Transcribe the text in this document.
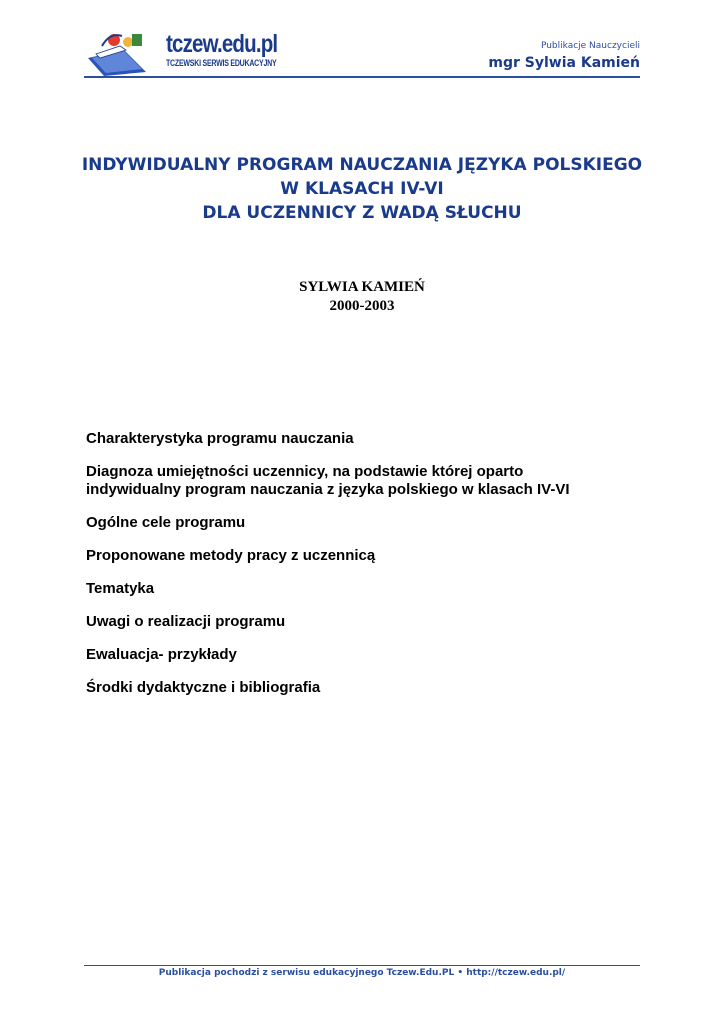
tczew.edu.pl
TCZEWSKI SERWIS EDUKACYJNY
Publikacje Nauczycieli
mgr Sylwia Kamień
INDYWIDUALNY PROGRAM NAUCZANIA JĘZYKA POLSKIEGO
W KLASACH IV-VI
DLA UCZENNICY Z WADĄ SŁUCHU
SYLWIA KAMIEŃ
2000-2003
Charakterystyka programu nauczania
Diagnoza umiejętności uczennicy, na podstawie której oparto
indywidualny program nauczania z języka polskiego w klasach IV-VI
Ogólne cele programu
Proponowane metody pracy z uczennicą
Tematyka
Uwagi o realizacji programu
Ewaluacja- przykłady
Środki dydaktyczne i bibliografia
Publikacja pochodzi z serwisu edukacyjnego Tczew.Edu.PL • http://tczew.edu.pl/
